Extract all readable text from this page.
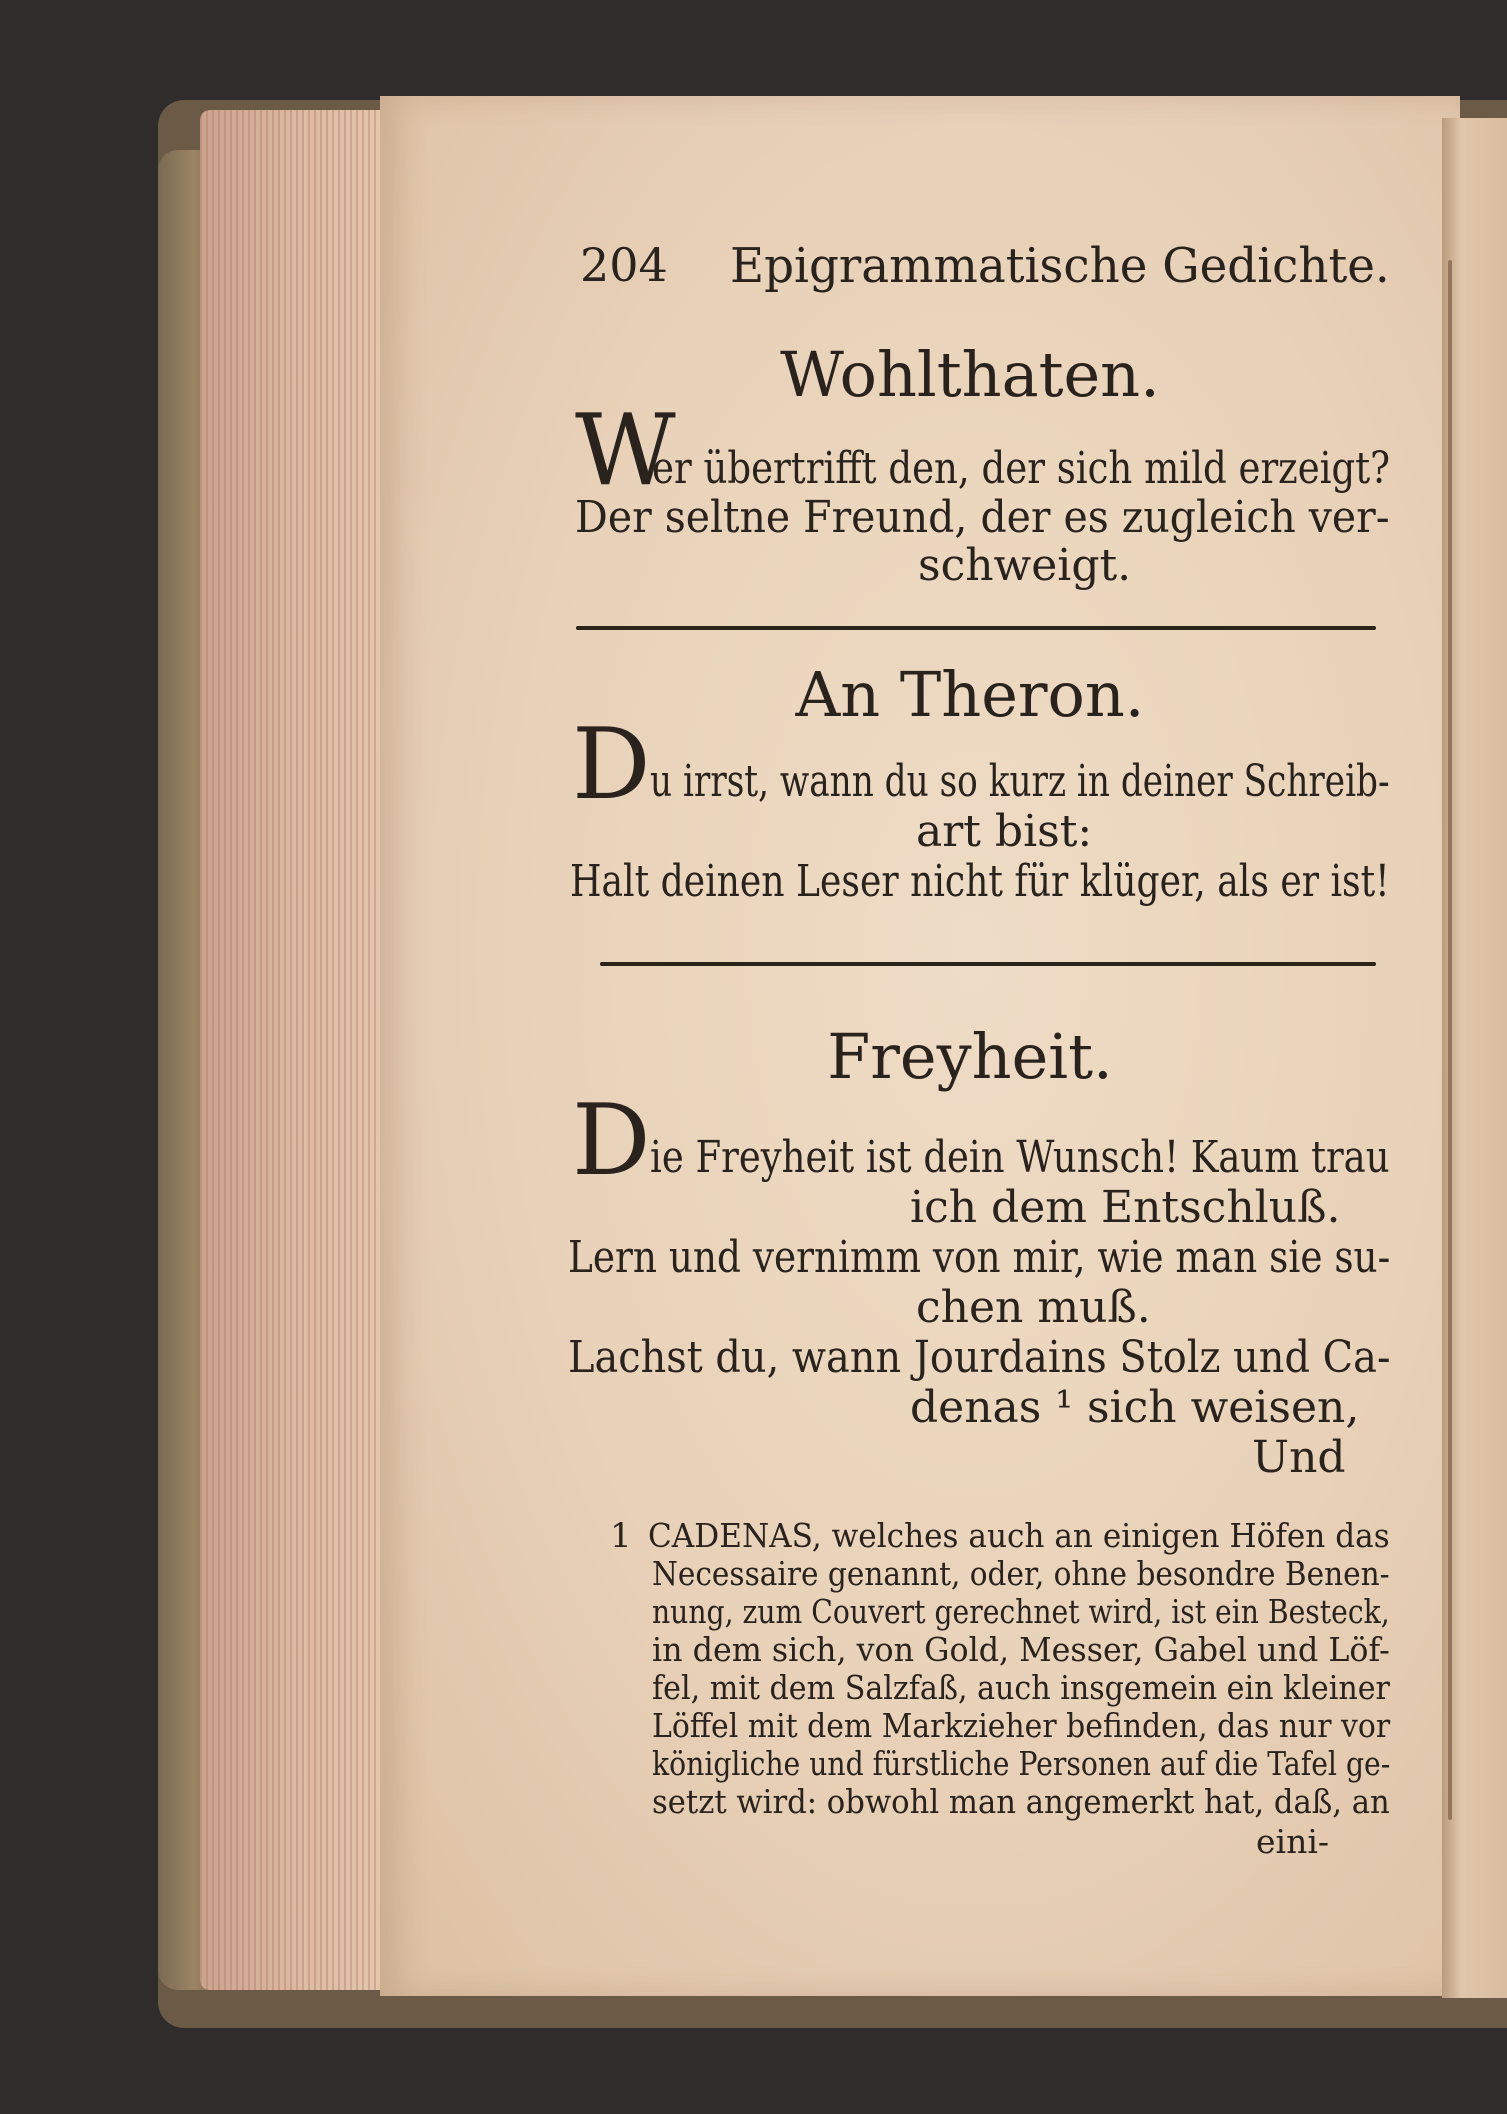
204 Epigrammatische Gedichte.
Wohlthaten.
W
er übertrifft den, der sich mild erzeigt?
Der seltne Freund, der es zugleich ver-
schweigt.
An Theron.
D u irrst, wann du so kurz in deiner Schreib-
art bist:
Halt deinen Leser nicht für klüger, als er ist!
Freyheit.
D ie Freyheit ist dein Wunsch! Kaum trau
ich dem Entschluß.
Lern und vernimm von mir, wie man sie su-
chen muß.
Lachst du, wann Jourdains Stolz und Ca-
denas ¹ sich weisen,
Und
1 CADENAS, welches auch an einigen Höfen das
Necessaire genannt, oder, ohne besondre Benen-
nung, zum Couvert gerechnet wird, ist ein Besteck,
in dem sich, von Gold, Messer, Gabel und Löf-
fel, mit dem Salzfaß, auch insgemein ein kleiner
Löffel mit dem Markzieher befinden, das nur vor
königliche und fürstliche Personen auf die Tafel ge-
setzt wird: obwohl man angemerkt hat, daß, an
eini-
